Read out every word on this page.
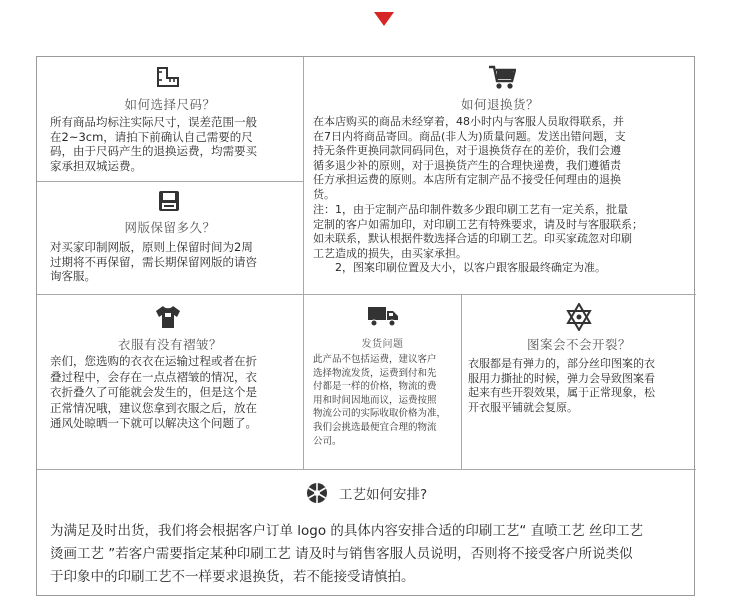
如何选择尺码？
所有商品均标注实际尺寸，误差范围一般
在2~3cm，请拍下前确认自己需要的尺
码，由于尺码产生的退换运费，均需要买
家承担双城运费。
网版保留多久？
对买家印制网版，原则上保留时间为2周
过期将不再保留，需长期保留网版的请咨
询客服。
如何退换货？
在本店购买的商品未经穿着，48小时内与客服人员取得联系，并
在7日内将商品寄回。商品(非人为)质量问题。发送出错问题，支
持无条件更换同款同码同色，对于退换货存在的差价，我们会遵
循多退少补的原则，对于退换货产生的合理快递费，我们遵循责
任方承担运费的原则。本店所有定制产品不接受任何理由的退换
货。
注：1，由于定制产品印制件数多少跟印刷工艺有一定关系，批量
定制的客户如需加印，对印刷工艺有特殊要求，请及时与客服联系；
如未联系，默认根据件数选择合适的印刷工艺。印买家疏忽对印刷
工艺造成的损失，由买家承担。
　　2，图案印刷位置及大小，以客户跟客服最终确定为准。
衣服有没有褶皱？
亲们，您选购的衣衣在运输过程或者在折
叠过程中，会存在一点点褶皱的情况，衣
衣折叠久了可能就会发生的，但是这个是
正常情况哦，建议您拿到衣服之后，放在
通风处晾晒一下就可以解决这个问题了。
发货问题
此产品不包括运费，建议客户
选择物流发货，运费到付和先
付都是一样的价格，物流的费
用和时间因地而议，运费按照
物流公司的实际收取价格为准，
我们会挑选最便宜合理的物流
公司。
图案会不会开裂？
衣服都是有弹力的，部分丝印图案的衣
服用力撕扯的时候，弹力会导致图案看
起来有些开裂效果，属于正常现象，松
开衣服平铺就会复原。
工艺如何安排?
为满足及时出货，我们将会根据客户订单 logo 的具体内容安排合适的印刷工艺“ 直喷工艺 丝印工艺
烫画工艺 ”若客户需要指定某种印刷工艺 请及时与销售客服人员说明，否则将不接受客户所说类似
于印象中的印刷工艺不一样要求退换货，若不能接受请慎拍。
